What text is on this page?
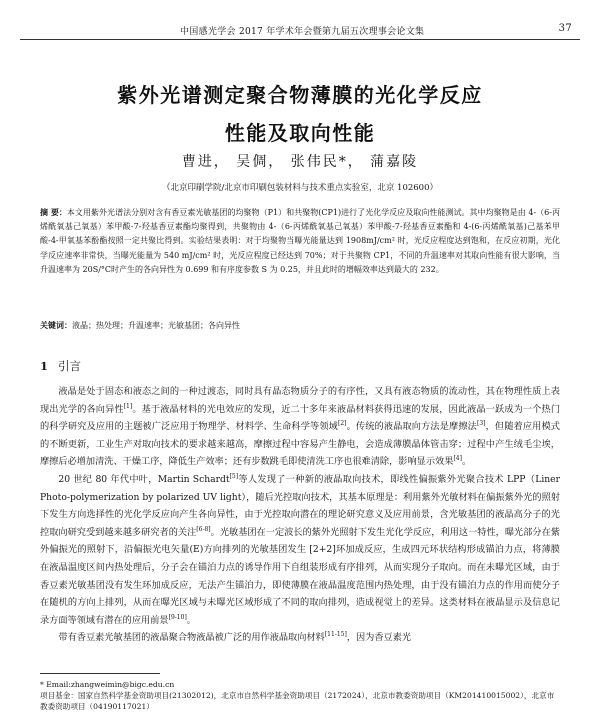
中国感光学会 2017 年学术年会暨第九届五次理事会论文集	37
紫外光谱测定聚合物薄膜的光化学反应
性能及取向性能
曹进， 吴倜， 张伟民*， 蒲嘉陵
（北京印刷学院/北京市印刷包装材料与技术重点实验室，北京 102600）
摘 要：本文用紫外光谱法分别对含有香豆素光敏基团的均聚物（P1）和共聚物(CP1)进行了光化学反应及取向性能测试。其中均聚物是由 4-（6-丙烯酰氧基己氧基）苯甲酸-7-羟基香豆素酯均聚得到，共聚物由 4-（6-丙烯酰氧基己氧基）苯甲酸-7-羟基香豆素酯和 4-(6-丙烯酰氧基)己基苯甲酸-4-甲氧基苯酚酯按照一定共聚比得到。实验结果表明：对于均聚物当曝光能量达到 1908mJ/cm² 时，光反应程度达到饱和，在反应初期，光化学反应速率非常快，当曝光能量为 540 mJ/cm² 时，光反应程度已经达到 70%；对于共聚物 CP1，不同的升温速率对其取向性能有很大影响，当升温速率为 20S/°C时产生的各向异性为 0.699 和有序度参数 S 为 0.25，并且此时的增幅效率达到最大的 232。
关键词：液晶；热处理；升温速率；光敏基团；各向异性
1 引言

液晶是处于固态和液态之间的一种过渡态，同时具有晶态物质分子的有序性，又具有液态物质的流动性，其在物理性质上表现出光学的各向异性[1]。基于液晶材料的光电效应的发现，近二十多年来液晶材料获得迅速的发展，因此液晶一跃成为一个热门的科学研究及应用的主题被广泛应用于物理学、材料学、生命科学等领域[2]。传统的液晶取向方法是摩擦法[3]，但随着应用模式的不断更新，工业生产对取向技术的要求越来越高，摩擦过程中容易产生静电，会造成薄膜晶体管击穿；过程中产生绒毛尘埃，摩擦后必增加清洗、干燥工序，降低生产效率；还有步数跳毛即使清洗工序也很难清除，影响显示效果[4]。

20 世纪 80 年代中叶，Martin Schardt[5]等人发现了一种新的液晶取向技术，即线性偏振紫外光聚合技术 LPP（Liner Photo-polymerization by polarized UV light），随后光控取向技术，其基本原理是：利用紫外光敏材料在偏振紫外光的照射下发生方向选择性的光化学反应向产生各向异性，由于光控取向潜在的理论研究意义及应用前景，含光敏基团的液晶高分子的光控取向研究受到越来越多研究者的关注[6-8]。光敏基团在一定波长的紫外光照射下发生光化学反应，利用这一特性，曝光部分在紫外偏振光的照射下，沿偏振光电矢量(E)方向排列的光敏基团发生 [2+2]环加成反应，生成四元环状结构形成锚泊力点，将薄膜在液晶温度区间内热处理后，分子会在锚泊力点的诱导作用下自组装形成有序排列，从而实现分子取向。而在未曝光区域，由于香豆素光敏基团没有发生环加成反应，无法产生锚泊力，即使薄膜在液晶温度范围内热处理，由于没有锚泊力点的作用而使分子在随机的方向上排列，从而在曝光区域与未曝光区域形成了不同的取向排列，造成视觉上的差异。这类材料在液晶显示及信息记录方面等领域有潜在的应用前景[9-10]。

带有香豆素光敏基团的液晶聚合物液晶被广泛的用作液晶取向材料[11-15]，因为香豆素光

* Email:zhangweimin@bigc.edu.cn
项目基金：国家自然科学基金资助项目(21302012)，北京市自然科学基金资助项目（2172024），北京市教委资助项目（KM201410015002），北京市教委资助项目（04190117021）
